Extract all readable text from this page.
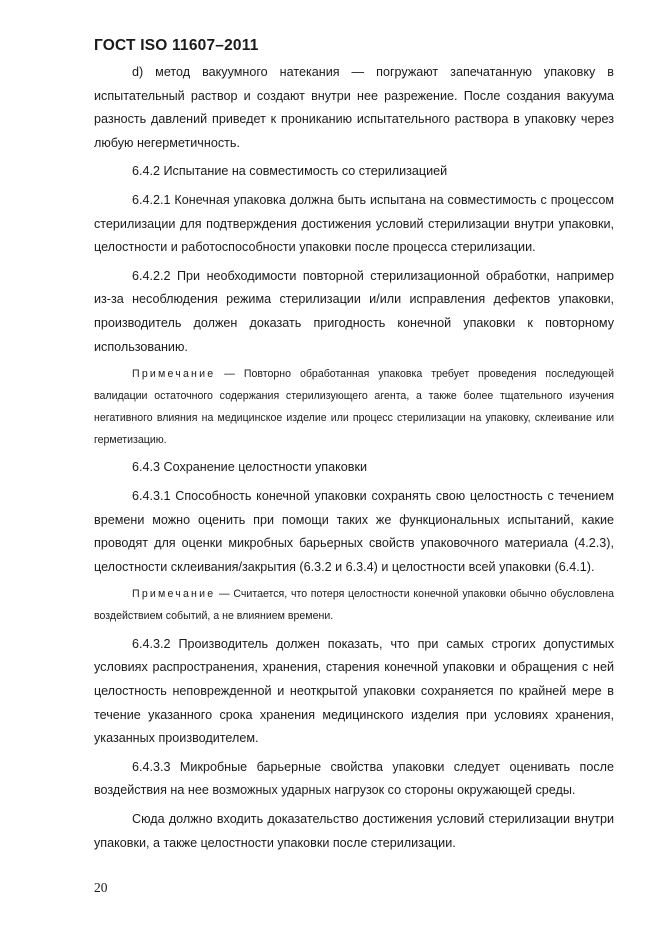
ГОСТ ISO 11607–2011

d) метод вакуумного натекания — погружают запечатанную упаковку в испытательный раствор и создают внутри нее разрежение. После создания вакуума разность давлений приведет к прониканию испытательного раствора в упаковку через любую негерметичность.

6.4.2 Испытание на совместимость со стерилизацией

6.4.2.1 Конечная упаковка должна быть испытана на совместимость с процессом стерилизации для подтверждения достижения условий стерилизации внутри упаковки, целостности и работоспособности упаковки после процесса стерилизации.

6.4.2.2 При необходимости повторной стерилизационной обработки, например из-за несоблюдения режима стерилизации и/или исправления дефектов упаковки, производитель должен доказать пригодность конечной упаковки к повторному использованию.

Примечание — Повторно обработанная упаковка требует проведения последующей валидации остаточного содержания стерилизующего агента, а также более тщательного изучения негативного влияния на медицинское изделие или процесс стерилизации на упаковку, склеивание или герметизацию.

6.4.3 Сохранение целостности упаковки

6.4.3.1 Способность конечной упаковки сохранять свою целостность с течением времени можно оценить при помощи таких же функциональных испытаний, какие проводят для оценки микробных барьерных свойств упаковочного материала (4.2.3), целостности склеивания/закрытия (6.3.2 и 6.3.4) и целостности всей упаковки (6.4.1).

Примечание — Считается, что потеря целостности конечной упаковки обычно обусловлена воздействием событий, а не влиянием времени.

6.4.3.2 Производитель должен показать, что при самых строгих допустимых условиях распространения, хранения, старения конечной упаковки и обращения с ней целостность неповрежденной и неоткрытой упаковки сохраняется по крайней мере в течение указанного срока хранения медицинского изделия при условиях хранения, указанных производителем.

6.4.3.3 Микробные барьерные свойства упаковки следует оценивать после воздействия на нее возможных ударных нагрузок со стороны окружающей среды.

Сюда должно входить доказательство достижения условий стерилизации внутри упаковки, а также целостности упаковки после стерилизации.

20
